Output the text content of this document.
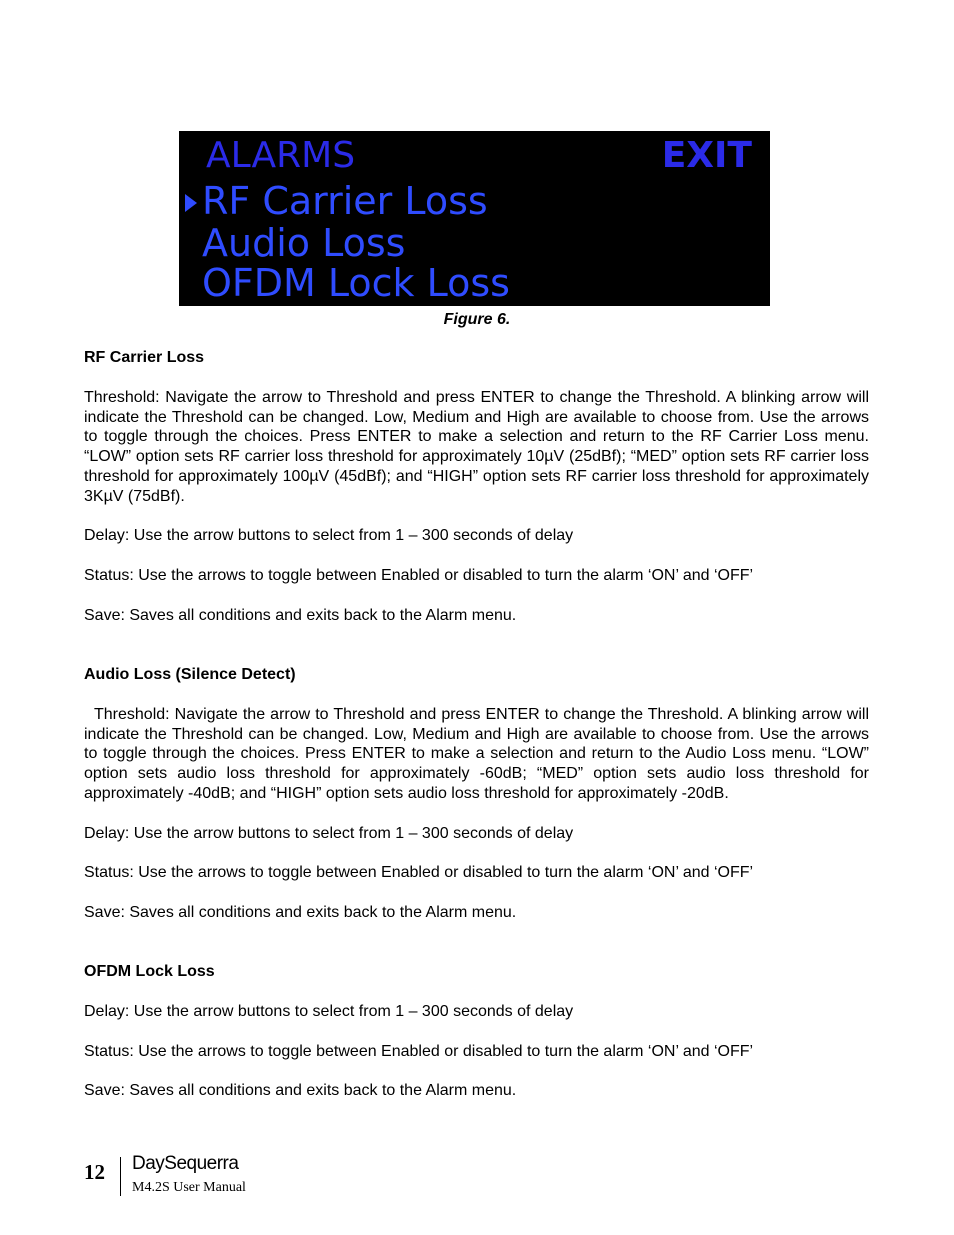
ALARMS	EXIT
RF Carrier Loss
Audio Loss
OFDM Lock Loss
Figure 6.
RF Carrier Loss

Threshold: Navigate the arrow to Threshold and press ENTER to change the Threshold. A blinking arrow will indicate the Threshold can be changed. Low, Medium and High are available to choose from. Use the arrows to toggle through the choices. Press ENTER to make a selection and return to the RF Carrier Loss menu. “LOW” option sets RF carrier loss threshold for approximately 10µV (25dBf); “MED” option sets RF carrier loss threshold for approximately 100µV (45dBf); and “HIGH” option sets RF carrier loss threshold for approximately 3KµV (75dBf).

Delay: Use the arrow buttons to select from 1 – 300 seconds of delay

Status: Use the arrows to toggle between Enabled or disabled to turn the alarm ‘ON’ and ‘OFF’

Save: Saves all conditions and exits back to the Alarm menu.

Audio Loss (Silence Detect)

Threshold: Navigate the arrow to Threshold and press ENTER to change the Threshold. A blinking arrow will indicate the Threshold can be changed. Low, Medium and High are available to choose from. Use the arrows to toggle through the choices. Press ENTER to make a selection and return to the Audio Loss menu. “LOW” option sets audio loss threshold for approximately -60dB; “MED” option sets audio loss threshold for approximately -40dB; and “HIGH” option sets audio loss threshold for approximately -20dB.

Delay: Use the arrow buttons to select from 1 – 300 seconds of delay

Status: Use the arrows to toggle between Enabled or disabled to turn the alarm ‘ON’ and ‘OFF’

Save: Saves all conditions and exits back to the Alarm menu.

OFDM Lock Loss

Delay: Use the arrow buttons to select from 1 – 300 seconds of delay

Status: Use the arrows to toggle between Enabled or disabled to turn the alarm ‘ON’ and ‘OFF’

Save: Saves all conditions and exits back to the Alarm menu.

12 DaySequerra
M4.2S User Manual
